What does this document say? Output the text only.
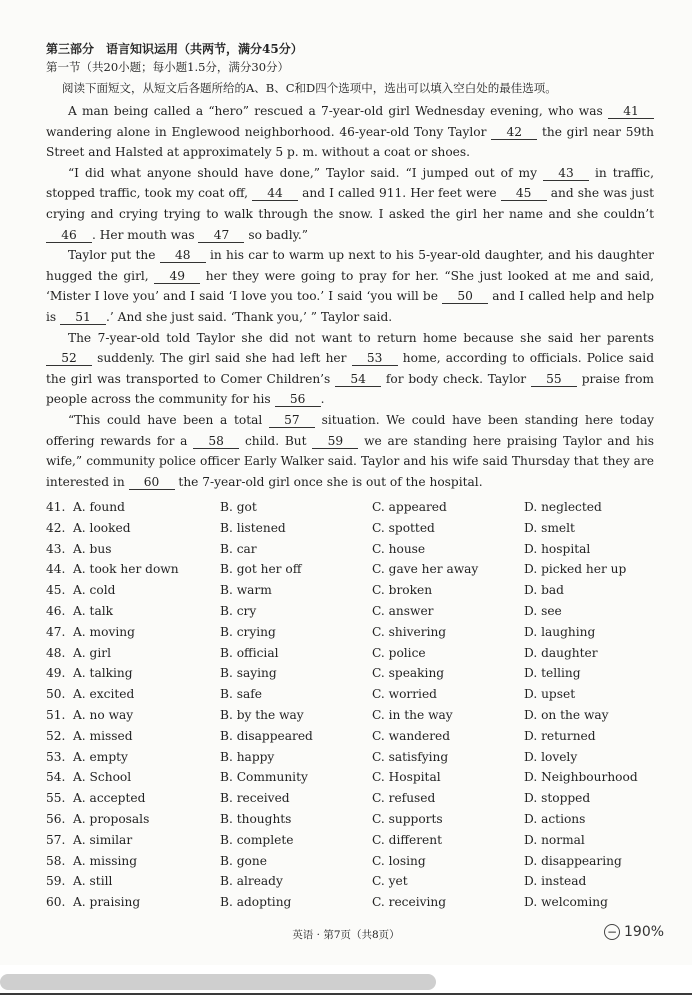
第三部分　语言知识运用（共两节，满分45分）
第一节（共20小题；每小题1.5分，满分30分）
阅读下面短文，从短文后各题所给的A、B、C和D四个选项中，选出可以填入空白处的最佳选项。

A man being called a “hero” rescued a 7-year-old girl Wednesday evening, who was 41 wandering alone in Englewood neighborhood. 46-year-old Tony Taylor 42 the girl near 59th Street and Halsted at approximately 5 p. m. without a coat or shoes.

“I did what anyone should have done,” Taylor said. “I jumped out of my 43 in traffic, stopped traffic, took my coat off, 44 and I called 911. Her feet were 45 and she was just crying and crying trying to walk through the snow. I asked the girl her name and she couldn’t 46 . Her mouth was 47 so badly.”

Taylor put the 48 in his car to warm up next to his 5-year-old daughter, and his daughter hugged the girl, 49 her they were going to pray for her. “She just looked at me and said, ‘Mister I love you’ and I said ‘I love you too.’ I said ‘you will be 50 and I called help and help is 51 .’ And she just said. ‘Thank you,’ ” Taylor said.

The 7-year-old told Taylor she did not want to return home because she said her parents 52 suddenly. The girl said she had left her 53 home, according to officials. Police said the girl was transported to Comer Children’s 54 for body check. Taylor 55 praise from people across the community for his 56 .

“This could have been a total 57 situation. We could have been standing here today offering rewards for a 58 child. But 59 we are standing here praising Taylor and his wife,” community police officer Early Walker said. Taylor and his wife said Thursday that they are interested in 60 the 7-year-old girl once she is out of the hospital.

41. A. found	B. got	C. appeared	D. neglected
42. A. looked	B. listened	C. spotted	D. smelt
43. A. bus	B. car	C. house	D. hospital
44. A. took her down	B. got her off	C. gave her away	D. picked her up
45. A. cold	B. warm	C. broken	D. bad
46. A. talk	B. cry	C. answer	D. see
47. A. moving	B. crying	C. shivering	D. laughing
48. A. girl	B. official	C. police	D. daughter
49. A. talking	B. saying	C. speaking	D. telling
50. A. excited	B. safe	C. worried	D. upset
51. A. no way	B. by the way	C. in the way	D. on the way
52. A. missed	B. disappeared	C. wandered	D. returned
53. A. empty	B. happy	C. satisfying	D. lovely
54. A. School	B. Community	C. Hospital	D. Neighbourhood
55. A. accepted	B. received	C. refused	D. stopped
56. A. proposals	B. thoughts	C. supports	D. actions
57. A. similar	B. complete	C. different	D. normal
58. A. missing	B. gone	C. losing	D. disappearing
59. A. still	B. already	C. yet	D. instead
60. A. praising	B. adopting	C. receiving	D. welcoming
英语 · 第7页（共8页）	− 190%
